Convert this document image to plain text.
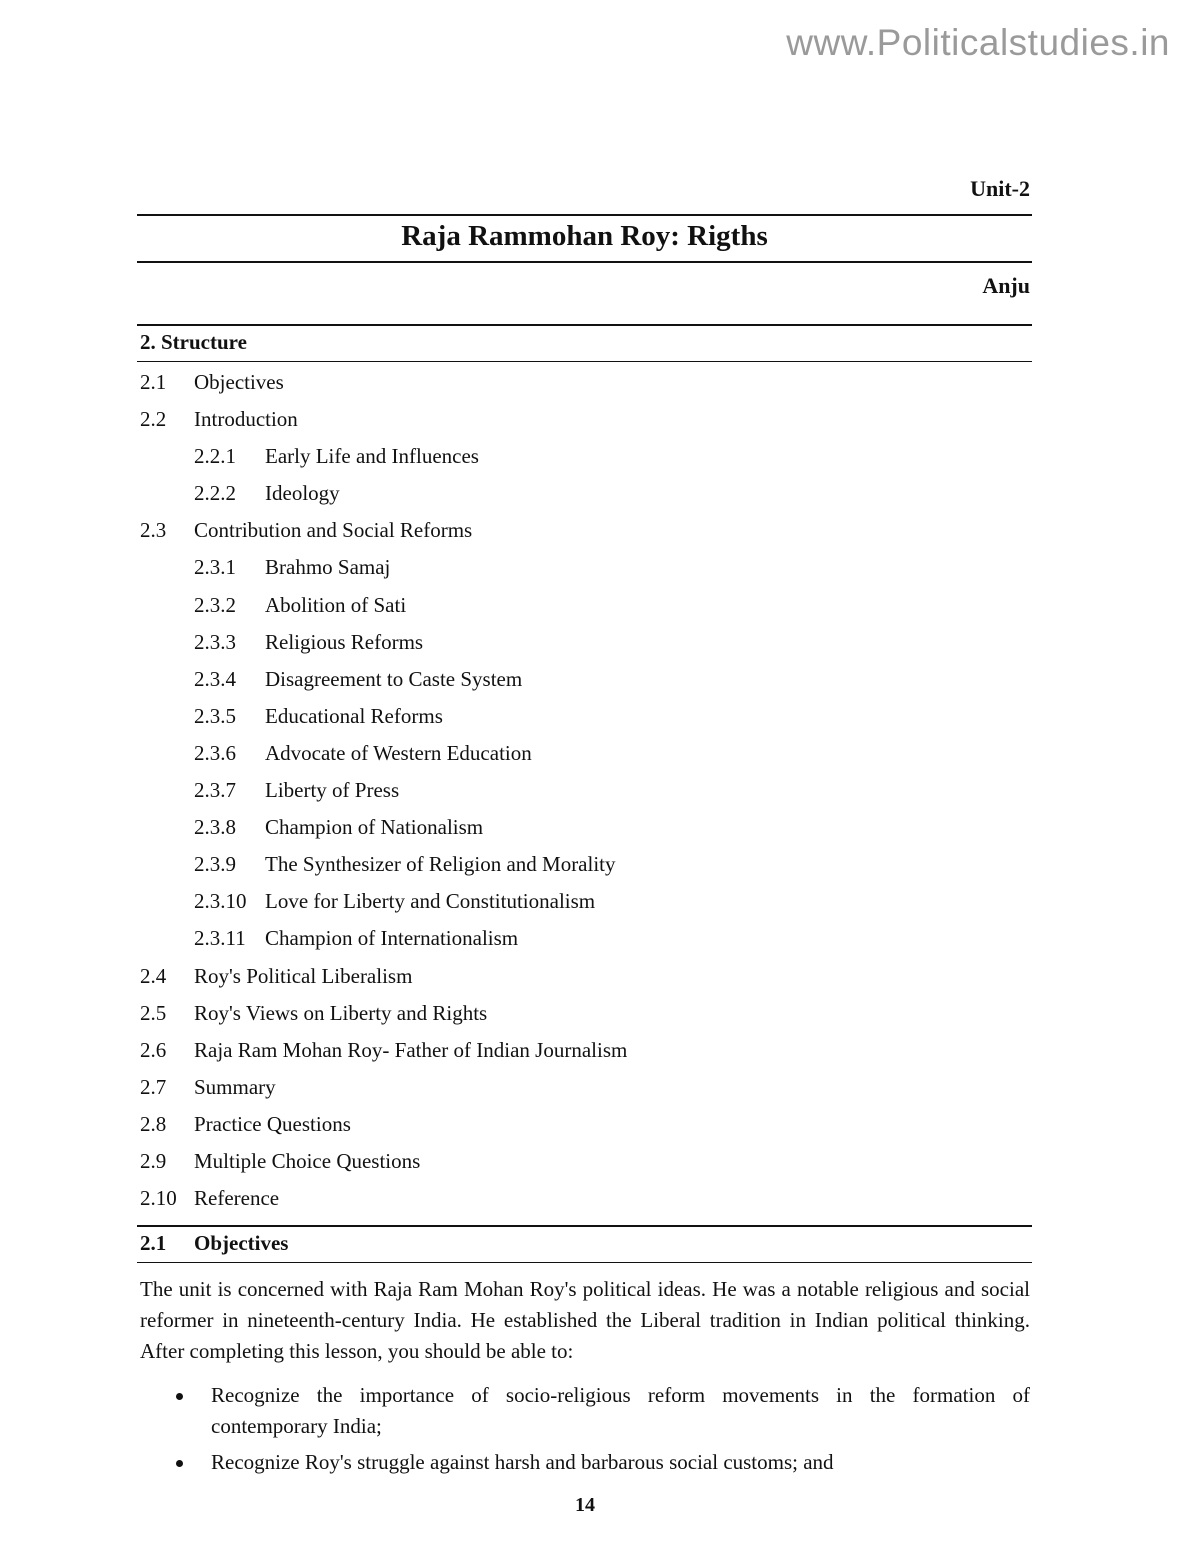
www.Politicalstudies.in
Unit-2
Raja Rammohan Roy: Rigths
Anju
2. Structure
2.1 Objectives
2.2 Introduction
2.2.1 Early Life and Influences
2.2.2 Ideology
2.3 Contribution and Social Reforms
2.3.1 Brahmo Samaj
2.3.2 Abolition of Sati
2.3.3 Religious Reforms
2.3.4 Disagreement to Caste System
2.3.5 Educational Reforms
2.3.6 Advocate of Western Education
2.3.7 Liberty of Press
2.3.8 Champion of Nationalism
2.3.9 The Synthesizer of Religion and Morality
2.3.10 Love for Liberty and Constitutionalism
2.3.11 Champion of Internationalism
2.4 Roy's Political Liberalism
2.5 Roy's Views on Liberty and Rights
2.6 Raja Ram Mohan Roy- Father of Indian Journalism
2.7 Summary
2.8 Practice Questions
2.9 Multiple Choice Questions
2.10 Reference
2.1 Objectives

The unit is concerned with Raja Ram Mohan Roy's political ideas. He was a notable religious and social reformer in nineteenth-century India. He established the Liberal tradition in Indian political thinking. After completing this lesson, you should be able to:

Recognize the importance of socio-religious reform movements in the formation of contemporary India;
Recognize Roy's struggle against harsh and barbarous social customs; and
14
